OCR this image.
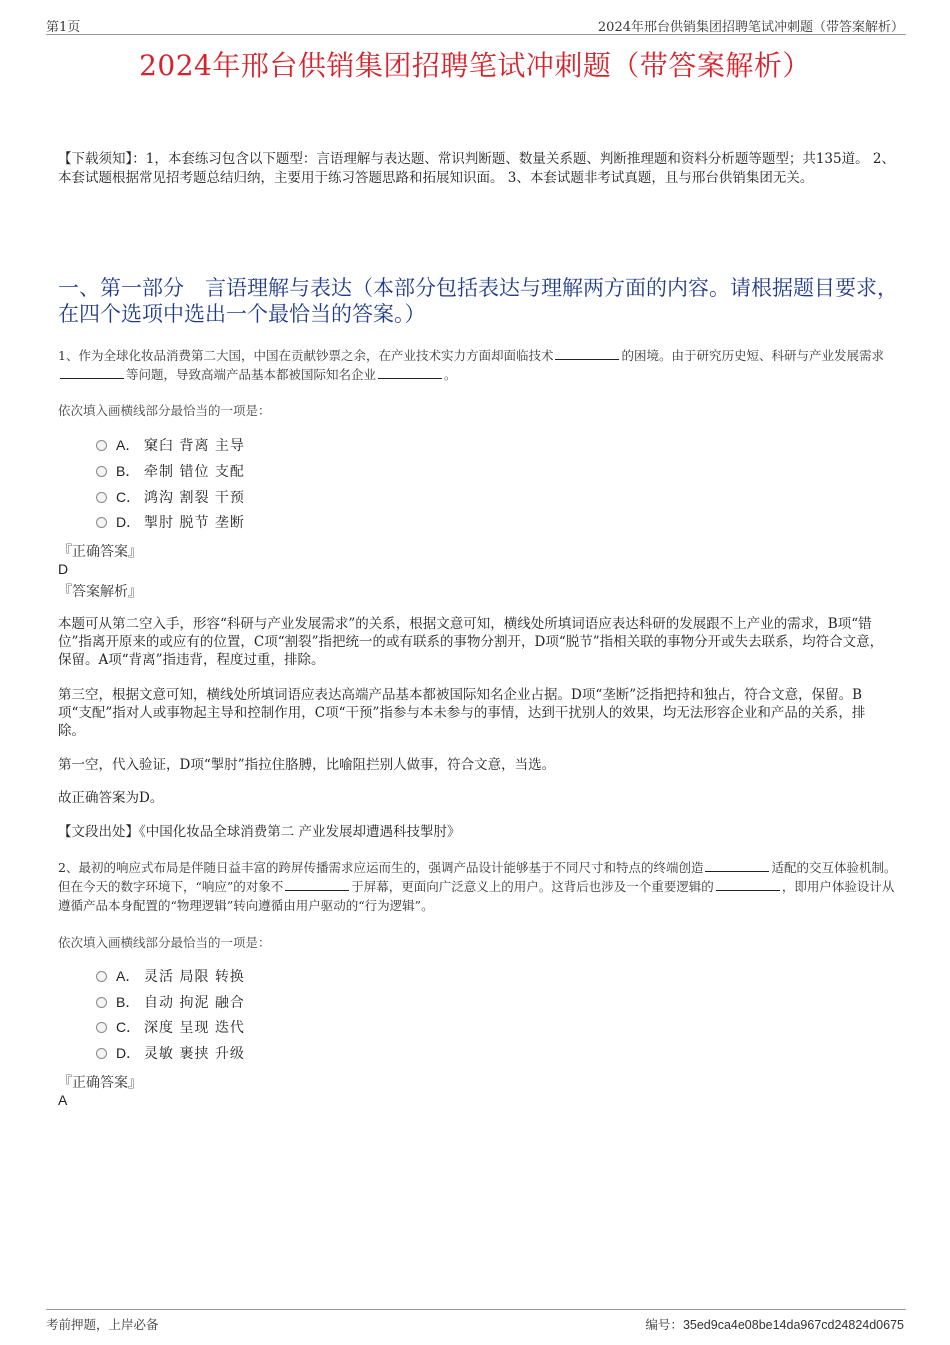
第1页	2024年邢台供销集团招聘笔试冲刺题（带答案解析）
2024年邢台供销集团招聘笔试冲刺题（带答案解析）
【下载须知】：1，本套练习包含以下题型：言语理解与表达题、常识判断题、数量关系题、判断推理题和资料分析题等题型；共135道。 2、本套试题根据常见招考题总结归纳，主要用于练习答题思路和拓展知识面。 3、本套试题非考试真题，且与邢台供销集团无关。
一、第一部分　言语理解与表达（本部分包括表达与理解两方面的内容。请根据题目要求，在四个选项中选出一个最恰当的答案。）
1、作为全球化妆品消费第二大国，中国在贡献钞票之余，在产业技术实力方面却面临技术	的困境。由于研究历史短、科研与产业发展需求等问题，导致高端产品基本都被国际知名企业	。
依次填入画横线部分最恰当的一项是：
A． 窠臼 背离 主导
B． 牵制 错位 支配
C． 鸿沟 割裂 干预
D． 掣肘 脱节 垄断
『正确答案』
D
『答案解析』
本题可从第二空入手，形容“科研与产业发展需求”的关系，根据文意可知，横线处所填词语应表达科研的发展跟不上产业的需求，B项“错位”指离开原来的或应有的位置，C项“割裂”指把统一的或有联系的事物分割开，D项“脱节”指相关联的事物分开或失去联系，均符合文意，保留。A项“背离”指违背，程度过重，排除。
第三空，根据文意可知，横线处所填词语应表达高端产品基本都被国际知名企业占据。D项“垄断”泛指把持和独占，符合文意，保留。B项“支配”指对人或事物起主导和控制作用，C项“干预”指参与本未参与的事情，达到干扰别人的效果，均无法形容企业和产品的关系，排除。
第一空，代入验证，D项“掣肘”指拉住胳膊，比喻阻拦别人做事，符合文意，当选。
故正确答案为D。
【文段出处】《中国化妆品全球消费第二 产业发展却遭遇科技掣肘》
2、最初的响应式布局是伴随日益丰富的跨屏传播需求应运而生的，强调产品设计能够基于不同尺寸和特点的终端创造	适配的交互体验机制。但在今天的数字环境下，“响应”的对象不	于屏幕，更面向广泛意义上的用户。这背后也涉及一个重要逻辑的	，即用户体验设计从遵循产品本身配置的“物理逻辑”转向遵循由用户驱动的“行为逻辑”。
依次填入画横线部分最恰当的一项是：
A． 灵活 局限 转换
B． 自动 拘泥 融合
C． 深度 呈现 迭代
D． 灵敏 裹挟 升级
『正确答案』
A
考前押题，上岸必备	编号：35ed9ca4e08be14da967cd24824d0675
